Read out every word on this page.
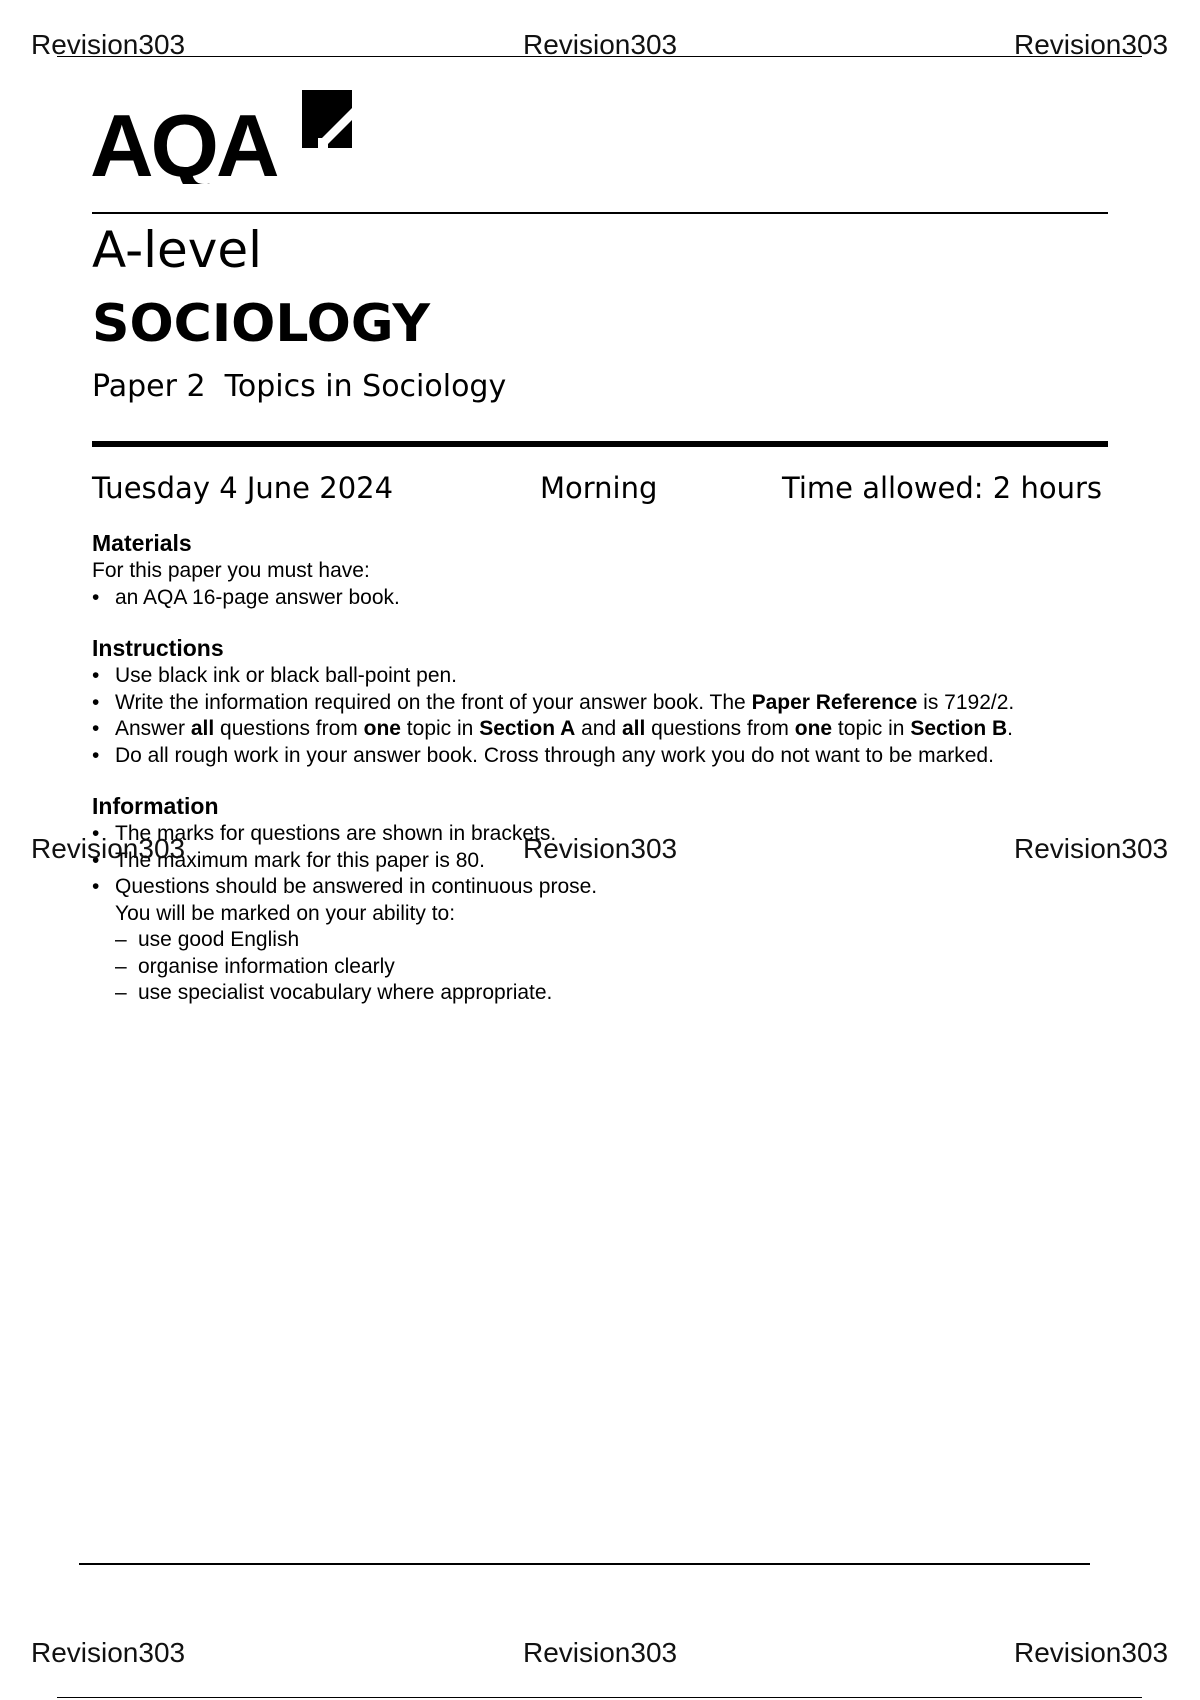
Revision303	Revision303	Revision303
AQA
A-level
SOCIOLOGY
Paper 2  Topics in Sociology
Tuesday 4 June 2024	Morning	Time allowed: 2 hours
Materials

For this paper you must have:

• an AQA 16-page answer book.
Instructions
• Use black ink or black ball-point pen.
• Write the information required on the front of your answer book. The Paper Reference is 7192/2.
• Answer all questions from one topic in Section A and all questions from one topic in Section B.
• Do all rough work in your answer book. Cross through any work you do not want to be marked.
Information
• The marks for questions are shown in brackets.
• The maximum mark for this paper is 80.
• Questions should be answered in continuous prose.
You will be marked on your ability to:
– use good English
– organise information clearly
– use specialist vocabulary where appropriate.
Revision303	Revision303	Revision303
Revision303	Revision303	Revision303
